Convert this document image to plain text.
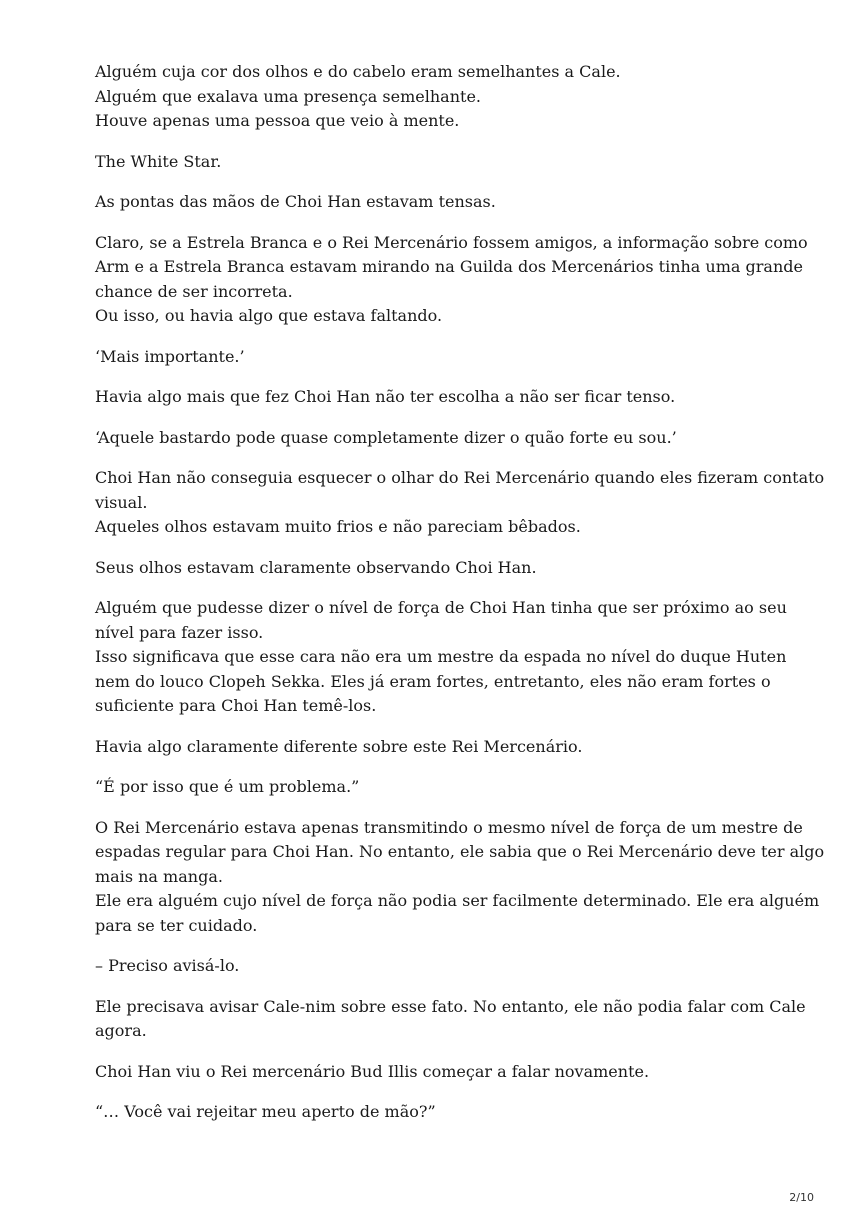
Alguém cuja cor dos olhos e do cabelo eram semelhantes a Cale.
Alguém que exalava uma presença semelhante.
Houve apenas uma pessoa que veio à mente.

The White Star.

As pontas das mãos de Choi Han estavam tensas.

Claro, se a Estrela Branca e o Rei Mercenário fossem amigos, a informação sobre como
Arm e a Estrela Branca estavam mirando na Guilda dos Mercenários tinha uma grande
chance de ser incorreta.
Ou isso, ou havia algo que estava faltando.

‘Mais importante.’

Havia algo mais que fez Choi Han não ter escolha a não ser ficar tenso.

‘Aquele bastardo pode quase completamente dizer o quão forte eu sou.’

Choi Han não conseguia esquecer o olhar do Rei Mercenário quando eles fizeram contato
visual.
Aqueles olhos estavam muito frios e não pareciam bêbados.

Seus olhos estavam claramente observando Choi Han.

Alguém que pudesse dizer o nível de força de Choi Han tinha que ser próximo ao seu
nível para fazer isso.
Isso significava que esse cara não era um mestre da espada no nível do duque Huten
nem do louco Clopeh Sekka. Eles já eram fortes, entretanto, eles não eram fortes o
suficiente para Choi Han temê-los.

Havia algo claramente diferente sobre este Rei Mercenário.

“É por isso que é um problema.”

O Rei Mercenário estava apenas transmitindo o mesmo nível de força de um mestre de
espadas regular para Choi Han. No entanto, ele sabia que o Rei Mercenário deve ter algo
mais na manga.
Ele era alguém cujo nível de força não podia ser facilmente determinado. Ele era alguém
para se ter cuidado.

– Preciso avisá-lo.

Ele precisava avisar Cale-nim sobre esse fato. No entanto, ele não podia falar com Cale
agora.

Choi Han viu o Rei mercenário Bud Illis começar a falar novamente.

“… Você vai rejeitar meu aperto de mão?”

2/10
